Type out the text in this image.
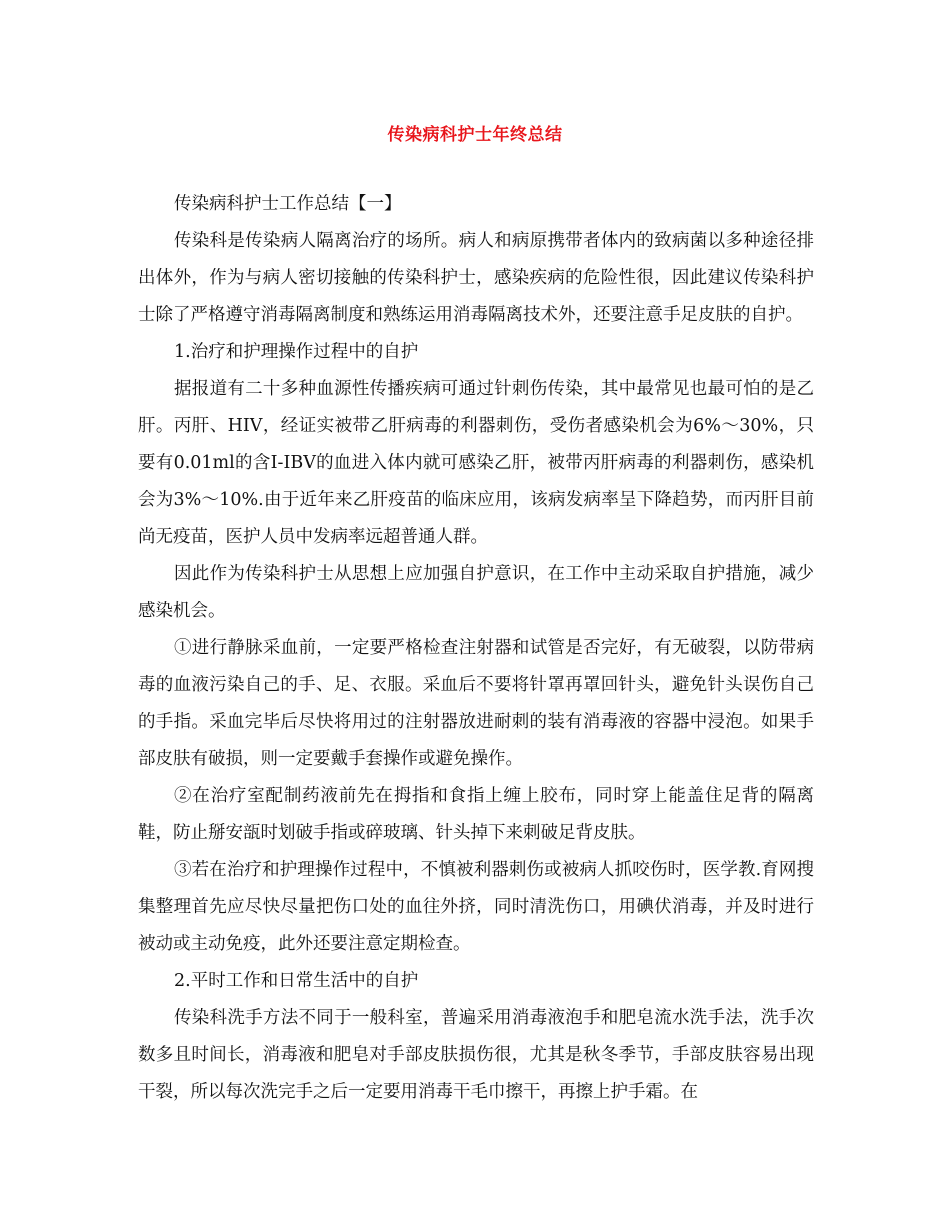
传染病科护士年终总结

传染病科护士工作总结【一】

传染科是传染病人隔离治疗的场所。病人和病原携带者体内的致病菌以多种途径排出体外，作为与病人密切接触的传染科护士，感染疾病的危险性很，因此建议传染科护士除了严格遵守消毒隔离制度和熟练运用消毒隔离技术外，还要注意手足皮肤的自护。

1.治疗和护理操作过程中的自护

据报道有二十多种血源性传播疾病可通过针刺伤传染，其中最常见也最可怕的是乙肝。丙肝、HIV，经证实被带乙肝病毒的利器刺伤，受伤者感染机会为6%～30%，只要有0.01ml的含I-IBV的血进入体内就可感染乙肝，被带丙肝病毒的利器刺伤，感染机会为3%～10%.由于近年来乙肝疫苗的临床应用，该病发病率呈下降趋势，而丙肝目前尚无疫苗，医护人员中发病率远超普通人群。

因此作为传染科护士从思想上应加强自护意识，在工作中主动采取自护措施，减少感染机会。

①进行静脉采血前，一定要严格检查注射器和试管是否完好，有无破裂，以防带病毒的血液污染自己的手、足、衣服。采血后不要将针罩再罩回针头，避免针头误伤自己的手指。采血完毕后尽快将用过的注射器放进耐刺的装有消毒液的容器中浸泡。如果手部皮肤有破损，则一定要戴手套操作或避免操作。

②在治疗室配制药液前先在拇指和食指上缠上胶布，同时穿上能盖住足背的隔离鞋，防止掰安瓿时划破手指或碎玻璃、针头掉下来刺破足背皮肤。

③若在治疗和护理操作过程中，不慎被利器刺伤或被病人抓咬伤时，医学教.育网搜集整理首先应尽快尽量把伤口处的血往外挤，同时清洗伤口，用碘伏消毒，并及时进行被动或主动免疫，此外还要注意定期检查。

2.平时工作和日常生活中的自护

传染科洗手方法不同于一般科室，普遍采用消毒液泡手和肥皂流水洗手法，洗手次数多且时间长，消毒液和肥皂对手部皮肤损伤很，尤其是秋冬季节，手部皮肤容易出现干裂，所以每次洗完手之后一定要用消毒干毛巾擦干，再擦上护手霜。在
